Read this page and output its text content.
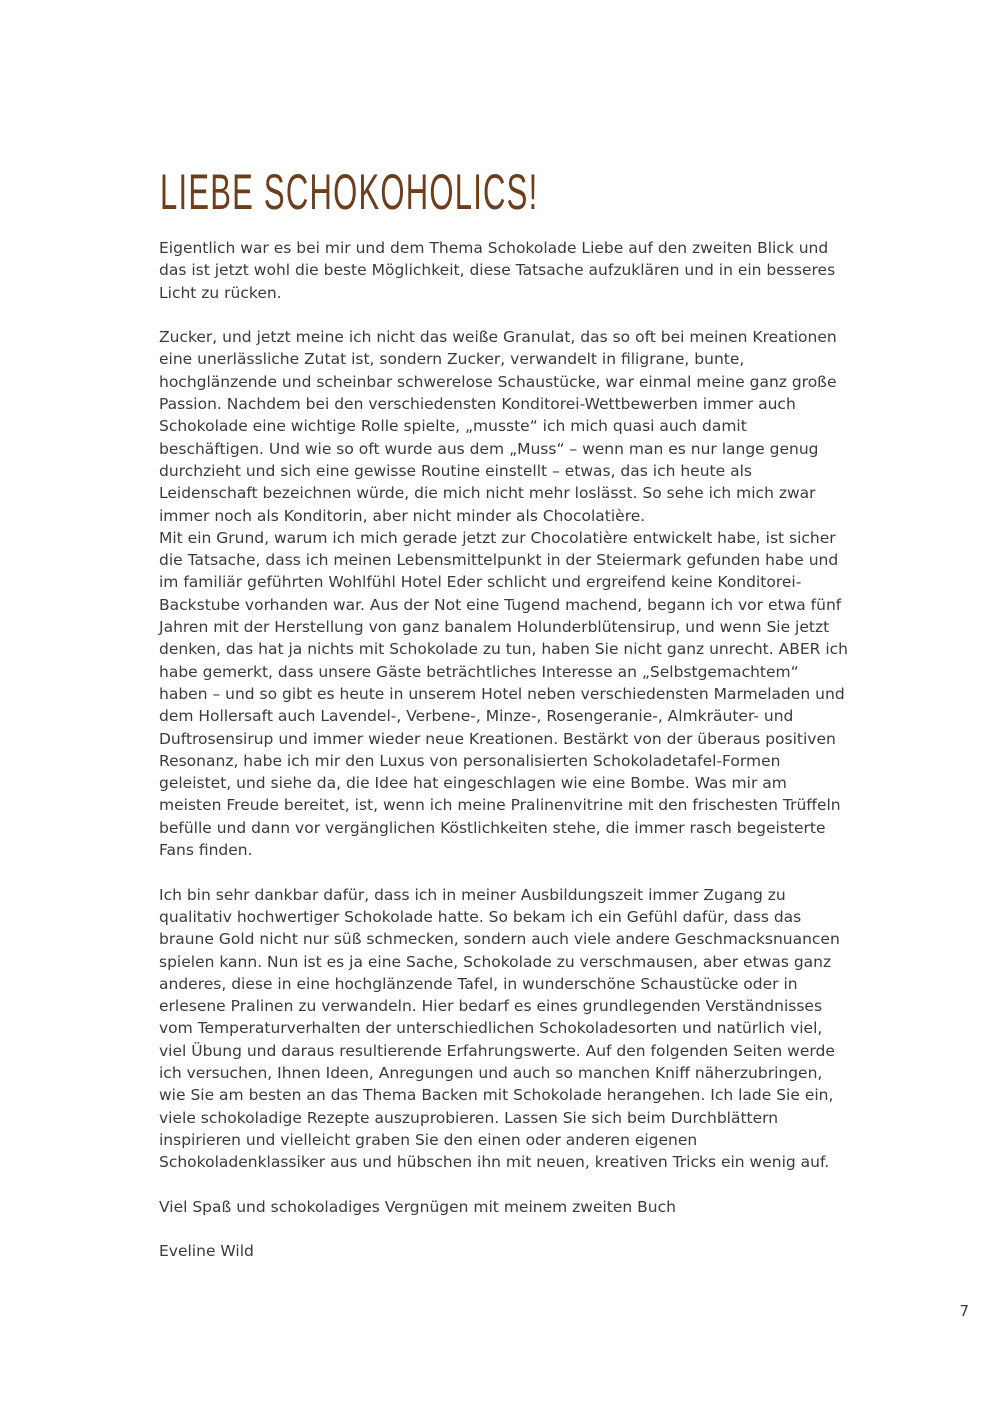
LIEBE SCHOKOHOLICS!

Eigentlich war es bei mir und dem Thema Schokolade Liebe auf den zweiten Blick und das ist jetzt wohl die beste Möglichkeit, diese Tatsache aufzuklären und in ein besseres Licht zu rücken.

Zucker, und jetzt meine ich nicht das weiße Granulat, das so oft bei meinen Kreationen eine unerlässliche Zutat ist, sondern Zucker, verwandelt in filigrane, bunte, hochglänzende und scheinbar schwerelose Schaustücke, war einmal meine ganz große Passion. Nachdem bei den verschiedensten Konditorei-Wettbewerben immer auch Schokolade eine wichtige Rolle spielte, „musste“ ich mich quasi auch damit beschäftigen. Und wie so oft wurde aus dem „Muss“ – wenn man es nur lange genug durchzieht und sich eine gewisse Routine einstellt – etwas, das ich heute als Leidenschaft bezeichnen würde, die mich nicht mehr loslässt. So sehe ich mich zwar immer noch als Konditorin, aber nicht minder als Chocolatière.

Mit ein Grund, warum ich mich gerade jetzt zur Chocolatière entwickelt habe, ist sicher die Tatsache, dass ich meinen Lebensmittelpunkt in der Steiermark gefunden habe und im familiär geführten Wohlfühl Hotel Eder schlicht und ergreifend keine Konditorei-Backstube vorhanden war. Aus der Not eine Tugend machend, begann ich vor etwa fünf Jahren mit der Herstellung von ganz banalem Holunderblütensirup, und wenn Sie jetzt denken, das hat ja nichts mit Schokolade zu tun, haben Sie nicht ganz unrecht. ABER ich habe gemerkt, dass unsere Gäste beträchtliches Interesse an „Selbstgemachtem“ haben – und so gibt es heute in unserem Hotel neben verschiedensten Marmeladen und dem Hollersaft auch Lavendel-, Verbene-, Minze-, Rosengeranie-, Almkräuter- und Duftrosensirup und immer wieder neue Kreationen. Bestärkt von der überaus positiven Resonanz, habe ich mir den Luxus von personalisierten Schokoladetafel-Formen geleistet, und siehe da, die Idee hat eingeschlagen wie eine Bombe. Was mir am meisten Freude bereitet, ist, wenn ich meine Pralinenvitrine mit den frischesten Trüffeln befülle und dann vor vergänglichen Köstlichkeiten stehe, die immer rasch begeisterte Fans finden.

Ich bin sehr dankbar dafür, dass ich in meiner Ausbildungszeit immer Zugang zu qualitativ hochwertiger Schokolade hatte. So bekam ich ein Gefühl dafür, dass das braune Gold nicht nur süß schmecken, sondern auch viele andere Geschmacksnuancen spielen kann. Nun ist es ja eine Sache, Schokolade zu verschmausen, aber etwas ganz anderes, diese in eine hochglänzende Tafel, in wunderschöne Schaustücke oder in erlesene Pralinen zu verwandeln. Hier bedarf es eines grundlegenden Verständnisses vom Temperaturverhalten der unterschiedlichen Schokoladesorten und natürlich viel, viel Übung und daraus resultierende Erfahrungswerte. Auf den folgenden Seiten werde ich versuchen, Ihnen Ideen, Anregungen und auch so manchen Kniff näherzubringen, wie Sie am besten an das Thema Backen mit Schokolade herangehen. Ich lade Sie ein, viele schokoladige Rezepte auszuprobieren. Lassen Sie sich beim Durchblättern inspirieren und vielleicht graben Sie den einen oder anderen eigenen Schokoladenklassiker aus und hübschen ihn mit neuen, kreativen Tricks ein wenig auf.

Viel Spaß und schokoladiges Vergnügen mit meinem zweiten Buch

Eveline Wild

7
